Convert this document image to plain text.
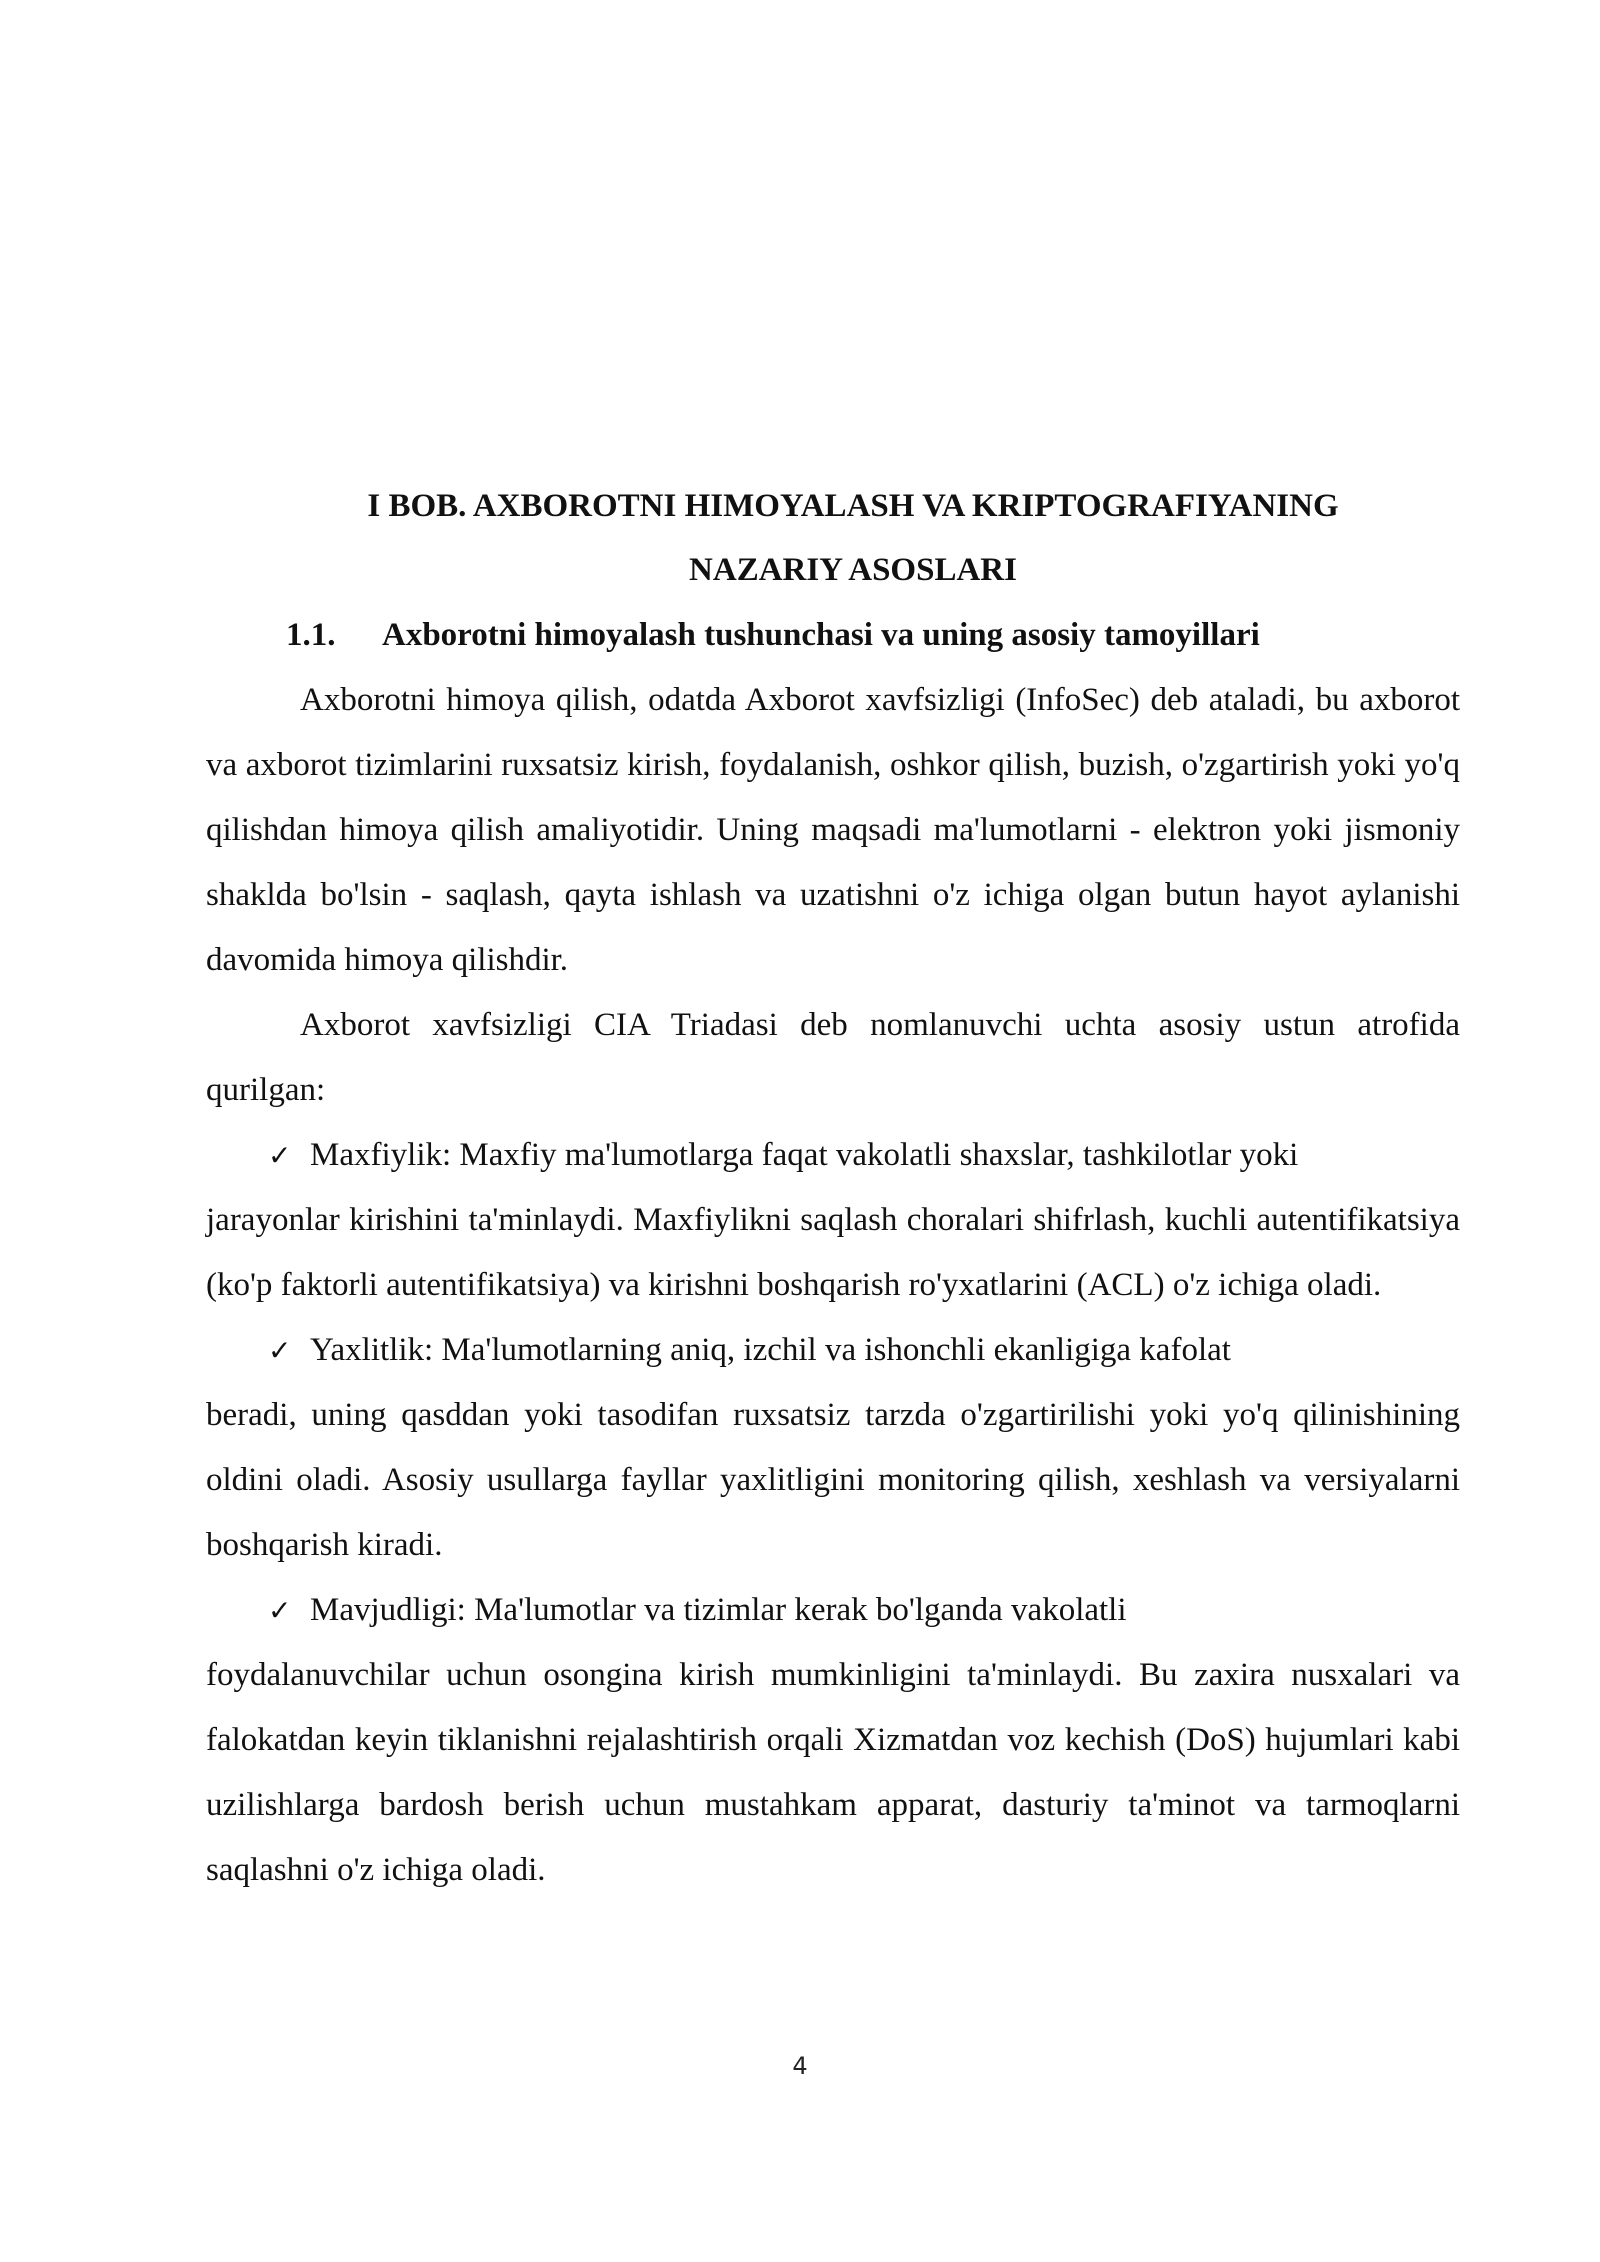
I BOB. AXBOROTNI HIMOYALASH VA KRIPTOGRAFIYANING
NAZARIY ASOSLARI
1.1. Axborotni himoyalash tushunchasi va uning asosiy tamoyillari

Axborotni himoya qilish, odatda Axborot xavfsizligi (InfoSec) deb ataladi, bu axborot va axborot tizimlarini ruxsatsiz kirish, foydalanish, oshkor qilish, buzish, o'zgartirish yoki yo'q qilishdan himoya qilish amaliyotidir. Uning maqsadi ma'lumotlarni - elektron yoki jismoniy shaklda bo'lsin - saqlash, qayta ishlash va uzatishni o'z ichiga olgan butun hayot aylanishi davomida himoya qilishdir.

Axborot xavfsizligi CIA Triadasi deb nomlanuvchi uchta asosiy ustun atrofida qurilgan:

✓ Maxfiylik: Maxfiy ma'lumotlarga faqat vakolatli shaxslar, tashkilotlar yoki
jarayonlar kirishini ta'minlaydi. Maxfiylikni saqlash choralari shifrlash, kuchli autentifikatsiya (ko'p faktorli autentifikatsiya) va kirishni boshqarish ro'yxatlarini (ACL) o'z ichiga oladi.
✓ Yaxlitlik: Ma'lumotlarning aniq, izchil va ishonchli ekanligiga kafolat
beradi, uning qasddan yoki tasodifan ruxsatsiz tarzda o'zgartirilishi yoki yo'q qilinishining oldini oladi. Asosiy usullarga fayllar yaxlitligini monitoring qilish, xeshlash va versiyalarni boshqarish kiradi.
✓ Mavjudligi: Ma'lumotlar va tizimlar kerak bo'lganda vakolatli
foydalanuvchilar uchun osongina kirish mumkinligini ta'minlaydi. Bu zaxira nusxalari va falokatdan keyin tiklanishni rejalashtirish orqali Xizmatdan voz kechish (DoS) hujumlari kabi uzilishlarga bardosh berish uchun mustahkam apparat, dasturiy ta'minot va tarmoqlarni saqlashni o'z ichiga oladi.
4
